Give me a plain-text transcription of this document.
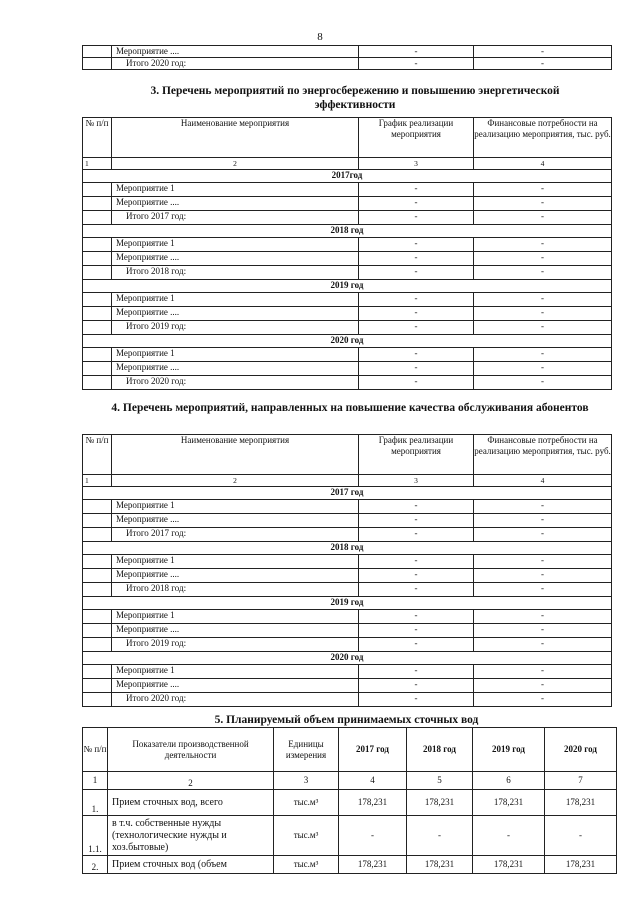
8
	Мероприятие ....	-	-
	Итого 2020 год:	-	-
3. Перечень мероприятий по энергосбережению и повышению энергетической эффективности
№ п/п	Наименование мероприятия	График реализации мероприятия	Финансовые потребности на реализацию мероприятия, тыс. руб.
1	2	3	4
2017год			
	Мероприятие 1	-	-
	Мероприятие ....	-	-
	Итого 2017 год:	-	-
2018 год			
	Мероприятие 1	-	-
	Мероприятие ....	-	-
	Итого 2018 год:	-	-
2019 год			
	Мероприятие 1	-	-
	Мероприятие ....	-	-
	Итого 2019 год:	-	-
2020 год			
	Мероприятие 1	-	-
	Мероприятие ....	-	-
	Итого 2020 год:	-	-
4. Перечень мероприятий, направленных на повышение качества обслуживания абонентов
№ п/п	Наименование мероприятия	График реализации мероприятия	Финансовые потребности на реализацию мероприятия, тыс. руб.
1	2	3	4
2017 год			
	Мероприятие 1	-	-
	Мероприятие ....	-	-
	Итого 2017 год:	-	-
2018 год			
	Мероприятие 1	-	-
	Мероприятие ....	-	-
	Итого 2018 год:	-	-
2019 год			
	Мероприятие 1	-	-
	Мероприятие ....	-	-
	Итого 2019 год:	-	-
2020 год			
	Мероприятие 1	-	-
	Мероприятие ....	-	-
	Итого 2020 год:	-	-
5. Планируемый объем принимаемых сточных вод
№ п/п	Показатели производственной деятельности	Единицы измерения	2017 год	2018 год	2019 год	2020 год
1	2	3	4	5	6	7
1.	Прием сточных вод, всего	тыс.м³	178,231	178,231	178,231	178,231
1.1.	в т.ч. собственные нужды (технологические нужды и хоз.бытовые)	тыс.м³	-	-	-	-
2.	Прием сточных вод (объем	тыс.м³	178,231	178,231	178,231	178,231
